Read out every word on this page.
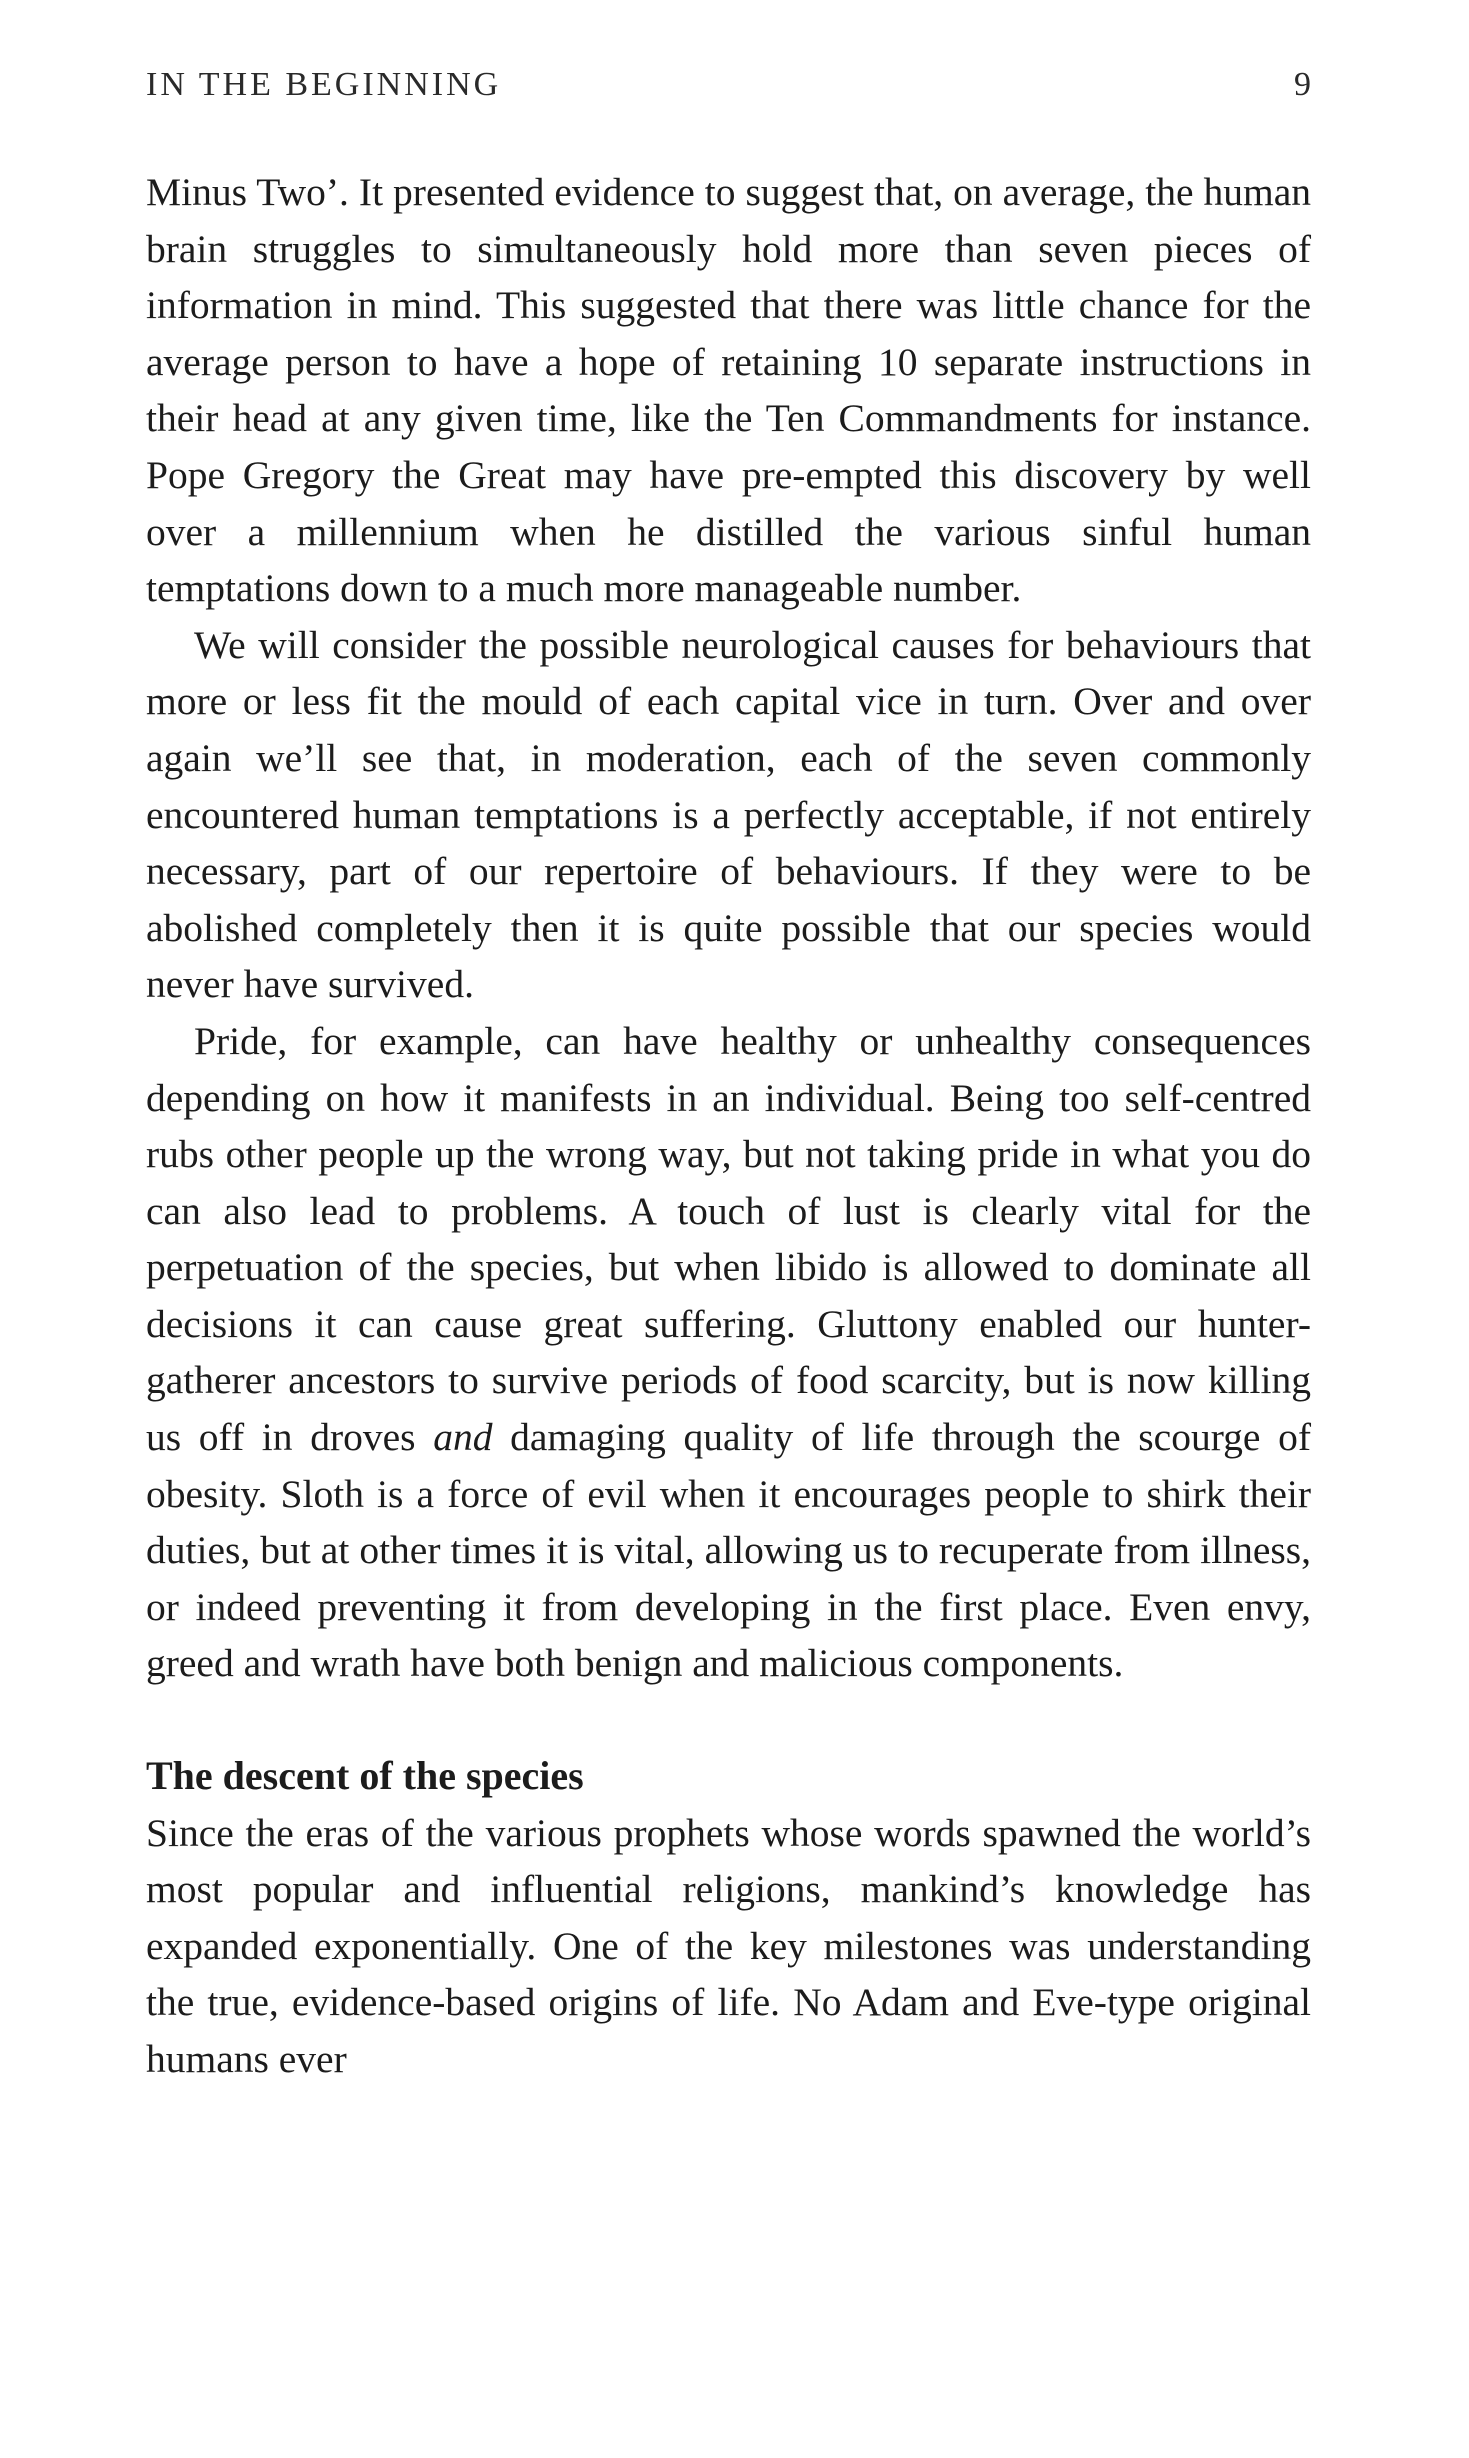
IN THE BEGINNING	9

Minus Two’. It presented evidence to suggest that, on average, the human brain struggles to simultaneously hold more than seven pieces of information in mind. This suggested that there was little chance for the average person to have a hope of retaining 10 separate instructions in their head at any given time, like the Ten Commandments for instance. Pope Gregory the Great may have pre-empted this discovery by well over a millennium when he distilled the various sinful human temptations down to a much more manageable number.

We will consider the possible neurological causes for behaviours that more or less fit the mould of each capital vice in turn. Over and over again we’ll see that, in moderation, each of the seven commonly encountered human temptations is a perfectly acceptable, if not entirely necessary, part of our repertoire of behaviours. If they were to be abolished completely then it is quite possible that our species would never have survived.

Pride, for example, can have healthy or unhealthy consequences depending on how it manifests in an individual. Being too self-centred rubs other people up the wrong way, but not taking pride in what you do can also lead to problems. A touch of lust is clearly vital for the perpetuation of the species, but when libido is allowed to dominate all decisions it can cause great suffering. Gluttony enabled our hunter-gatherer ancestors to survive periods of food scarcity, but is now killing us off in droves and damaging quality of life through the scourge of obesity. Sloth is a force of evil when it encourages people to shirk their duties, but at other times it is vital, allowing us to recuperate from illness, or indeed preventing it from developing in the first place. Even envy, greed and wrath have both benign and malicious components.

The descent of the species

Since the eras of the various prophets whose words spawned the world’s most popular and influential religions, mankind’s knowledge has expanded exponentially. One of the key milestones was understanding the true, evidence-based origins of life. No Adam and Eve-type original humans ever
